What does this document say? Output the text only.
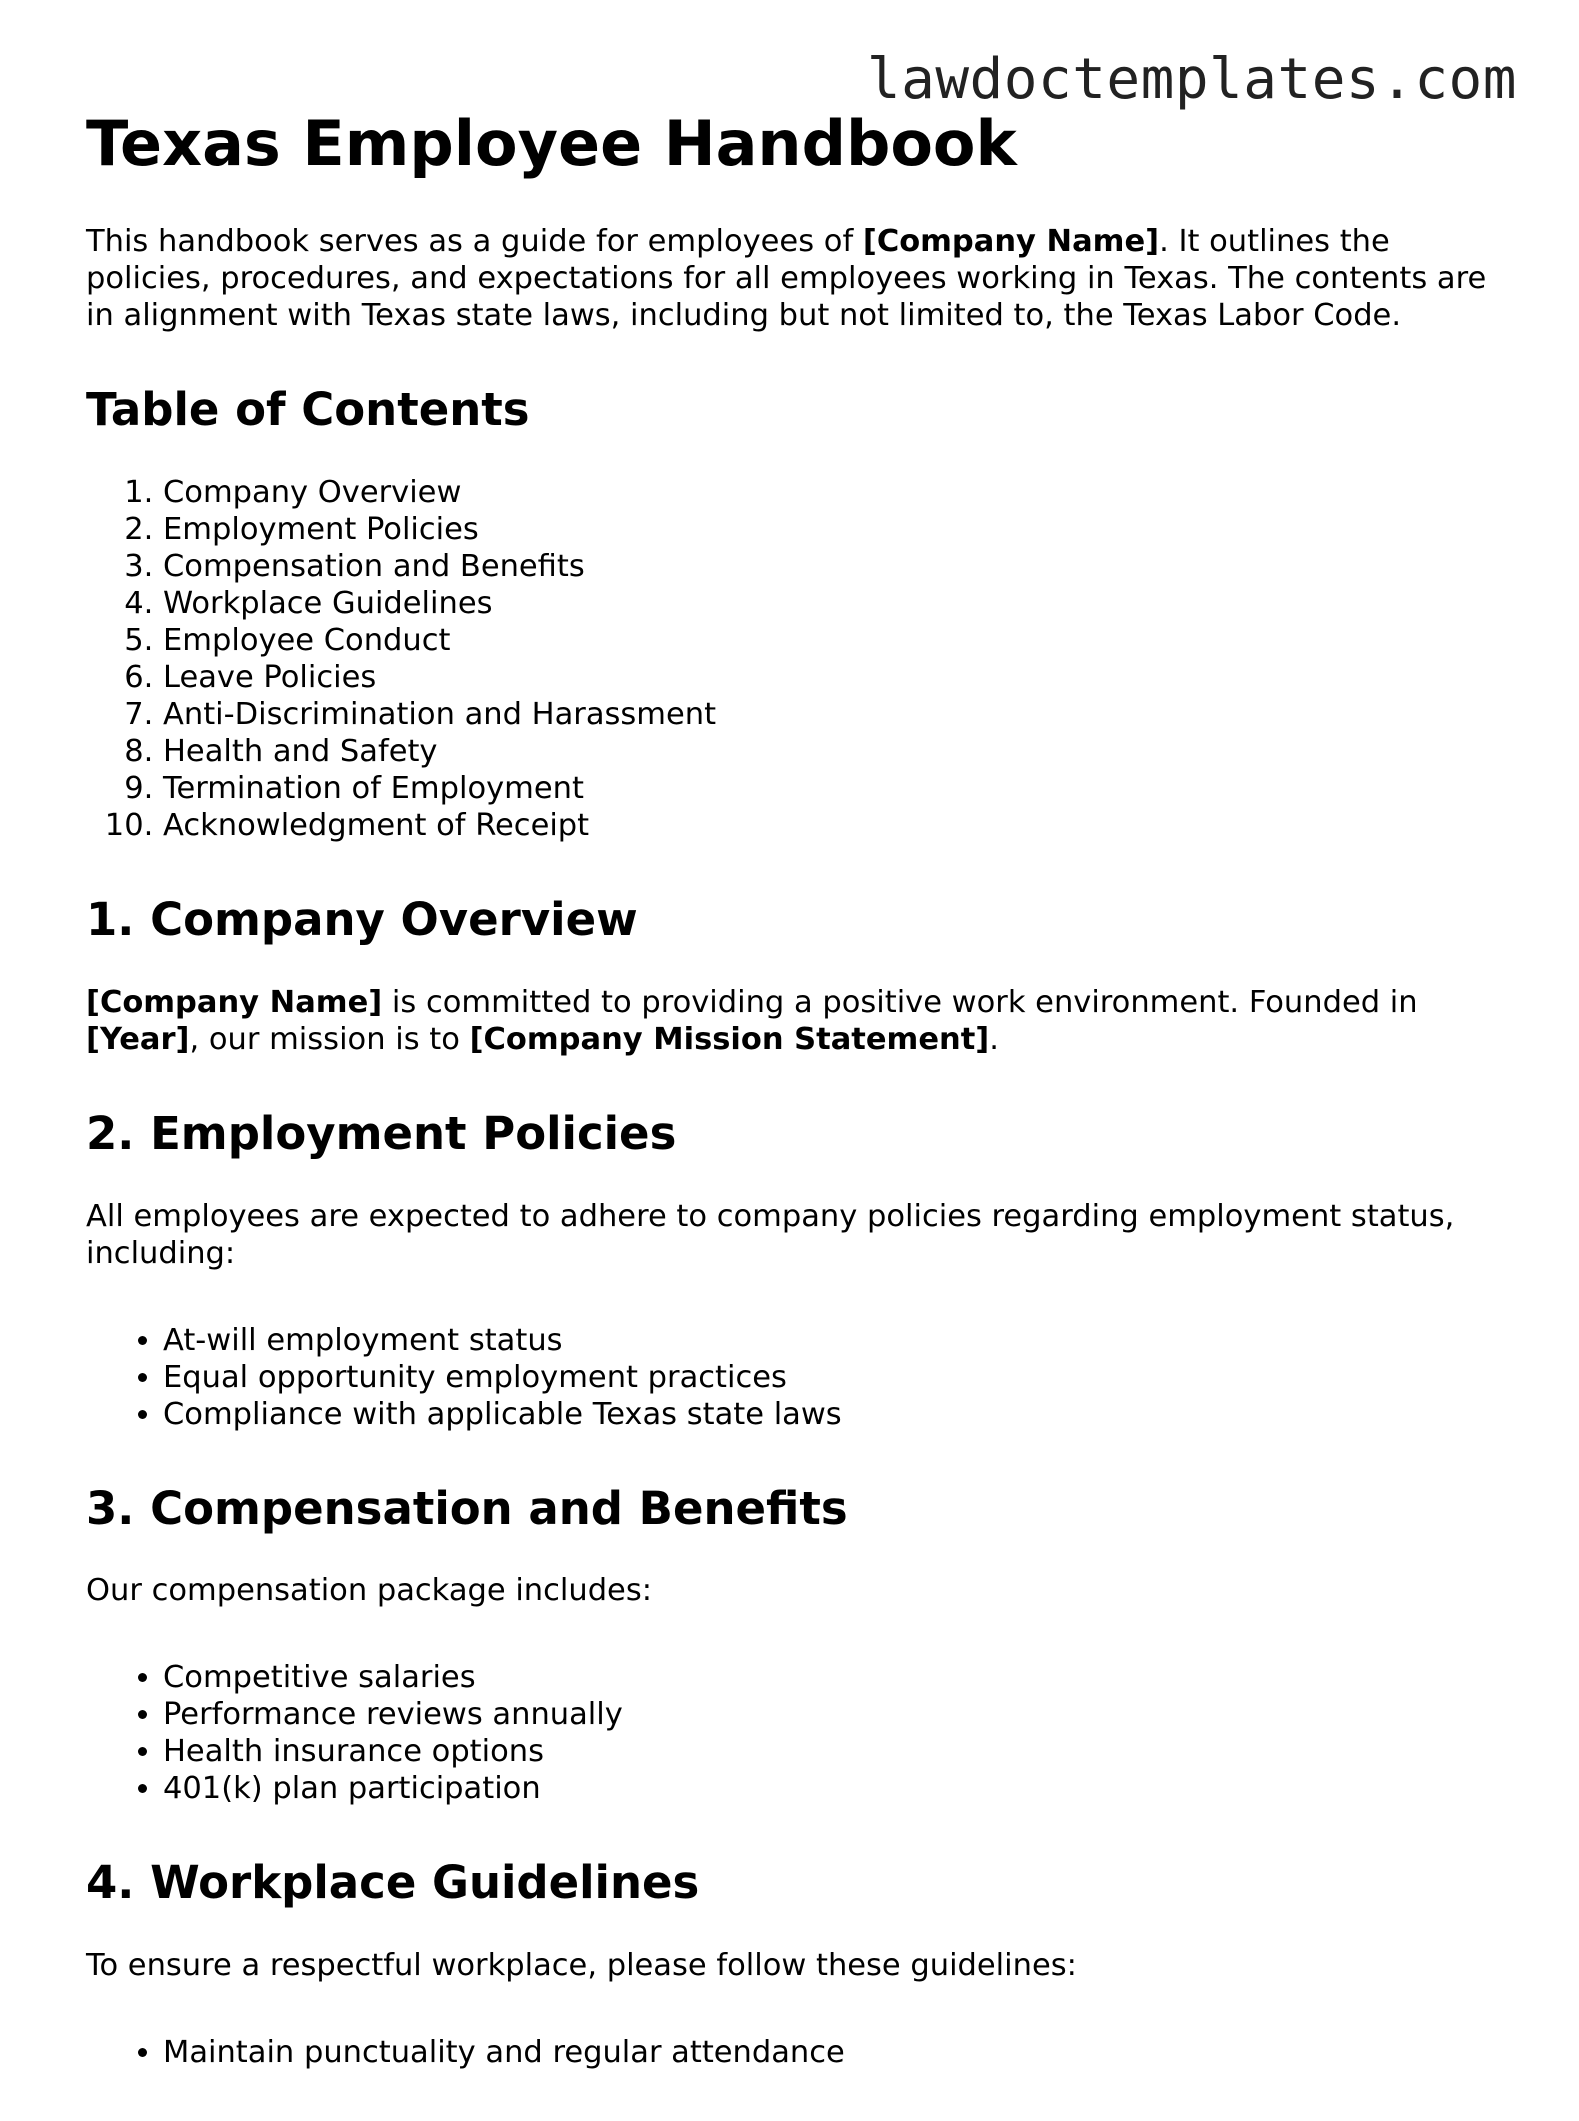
lawdoctemplates.com
Texas Employee Handbook

This handbook serves as a guide for employees of [Company Name]. It outlines the policies, procedures, and expectations for all employees working in Texas. The contents are in alignment with Texas state laws, including but not limited to, the Texas Labor Code.

Table of Contents
1. Company Overview
2. Employment Policies
3. Compensation and Benefits
4. Workplace Guidelines
5. Employee Conduct
6. Leave Policies
7. Anti-Discrimination and Harassment
8. Health and Safety
9. Termination of Employment
10. Acknowledgment of Receipt
1. Company Overview

[Company Name] is committed to providing a positive work environment. Founded in [Year], our mission is to [Company Mission Statement].

2. Employment Policies

All employees are expected to adhere to company policies regarding employment status, including:

• At-will employment status
• Equal opportunity employment practices
• Compliance with applicable Texas state laws
3. Compensation and Benefits

Our compensation package includes:

• Competitive salaries
• Performance reviews annually
• Health insurance options
• 401(k) plan participation
4. Workplace Guidelines

To ensure a respectful workplace, please follow these guidelines:

• Maintain punctuality and regular attendance
